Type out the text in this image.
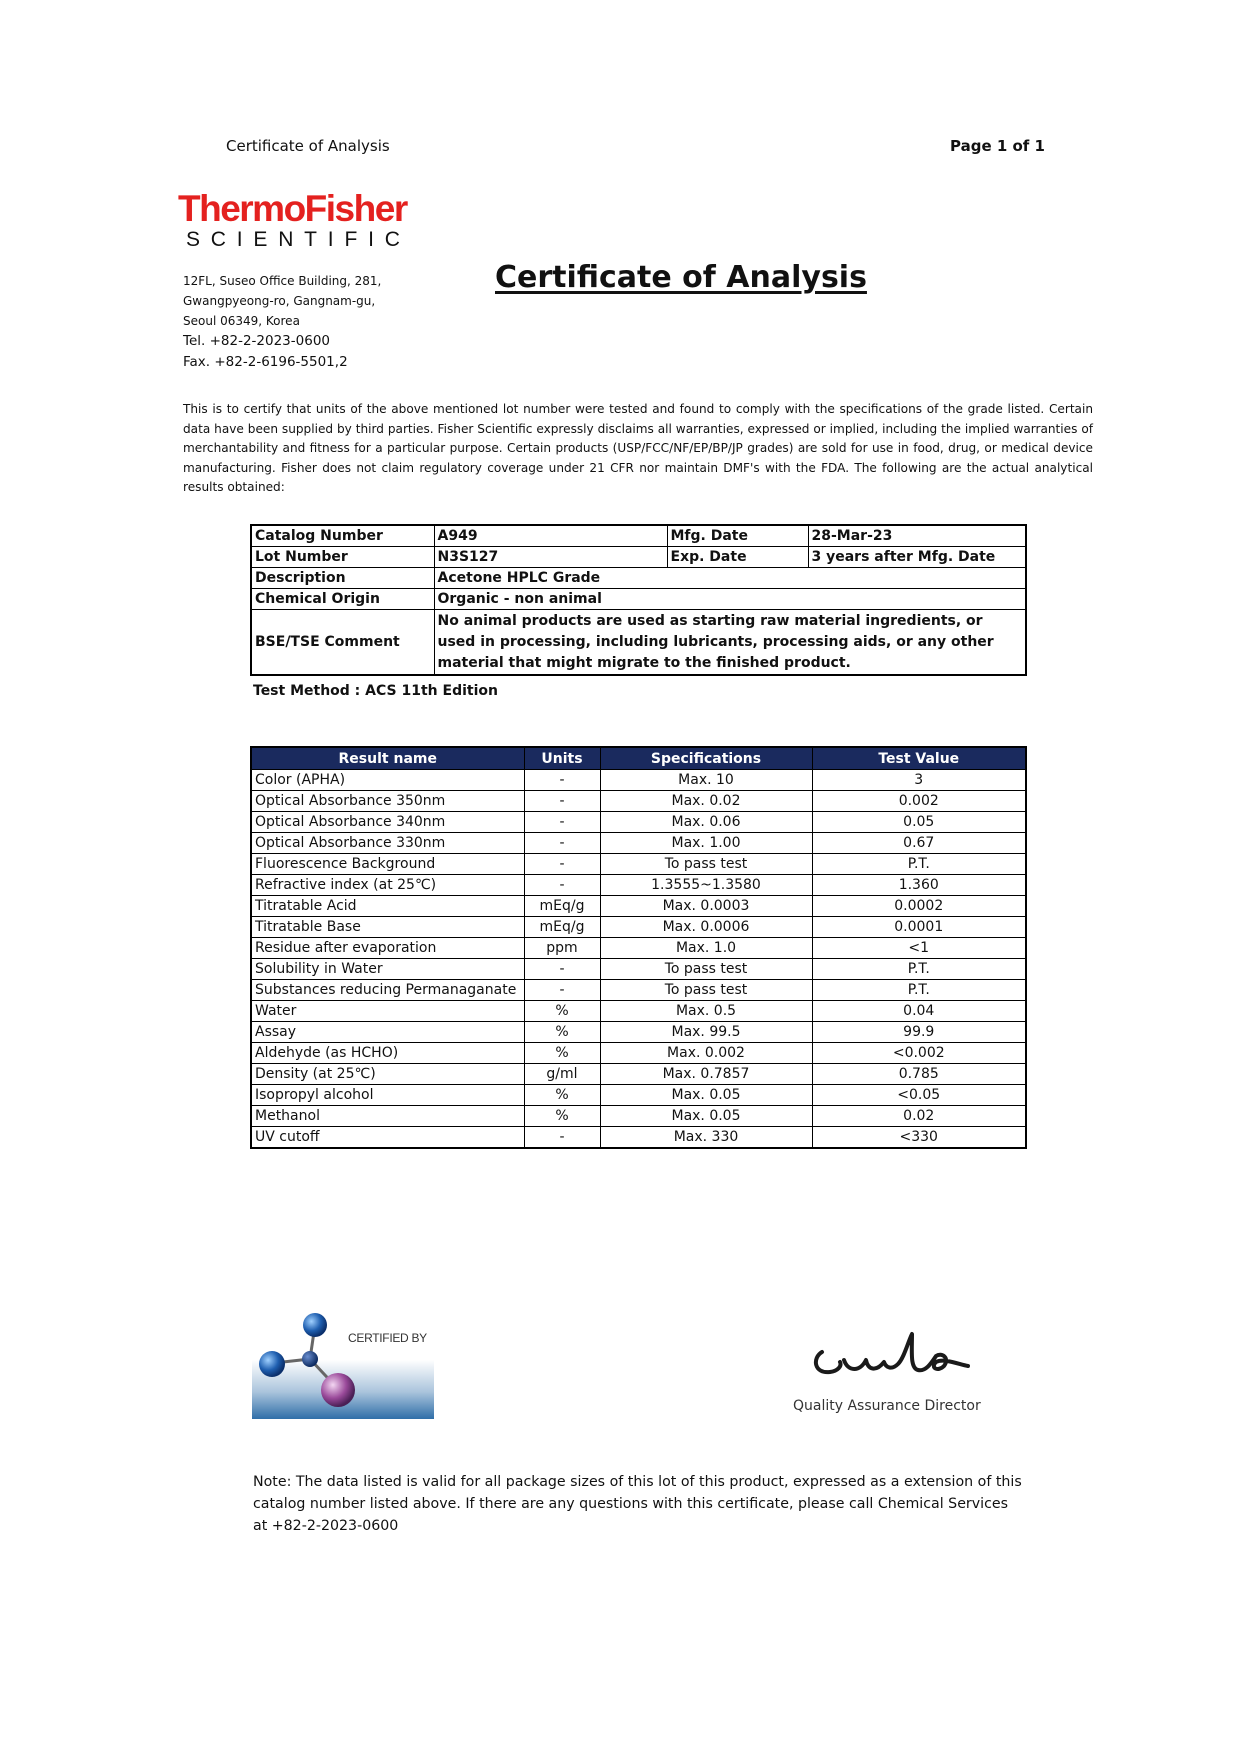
Certificate of Analysis	Page 1 of 1
ThermoFisher
SCIENTIFIC
12FL, Suseo Office Building, 281,
Gwangpyeong-ro, Gangnam-gu,
Seoul 06349, Korea
Tel. +82-2-2023-0600
Fax. +82-2-6196-5501,2
Certificate of Analysis
This is to certify that units of the above mentioned lot number were tested and found to comply with the specifications of the grade listed. Certain data have been supplied by third parties. Fisher Scientific expressly disclaims all warranties, expressed or implied, including the implied warranties of merchantability and fitness for a particular purpose. Certain products (USP/FCC/NF/EP/BP/JP grades) are sold for use in food, drug, or medical device manufacturing. Fisher does not claim regulatory coverage under 21 CFR nor maintain DMF's with the FDA. The following are the actual analytical results obtained:
Catalog Number	A949	Mfg. Date	28-Mar-23
Lot Number	N3S127	Exp. Date	3 years after Mfg. Date
Description	Acetone HPLC Grade		
Chemical Origin	Organic - non animal		
BSE/TSE Comment	No animal products are used as starting raw material ingredients, or used in processing, including lubricants, processing aids, or any other material that might migrate to the finished product.		
Test Method : ACS 11th Edition
Result name	Units	Specifications	Test Value
Color (APHA)	-	Max. 10	3
Optical Absorbance 350nm	-	Max. 0.02	0.002
Optical Absorbance 340nm	-	Max. 0.06	0.05
Optical Absorbance 330nm	-	Max. 1.00	0.67
Fluorescence Background	-	To pass test	P.T.
Refractive index (at 25℃)	-	1.3555~1.3580	1.360
Titratable Acid	mEq/g	Max. 0.0003	0.0002
Titratable Base	mEq/g	Max. 0.0006	0.0001
Residue after evaporation	ppm	Max. 1.0	<1
Solubility in Water	-	To pass test	P.T.
Substances reducing Permanaganate	-	To pass test	P.T.
Water	%	Max. 0.5	0.04
Assay	%	Max. 99.5	99.9
Aldehyde (as HCHO)	%	Max. 0.002	<0.002
Density (at 25℃)	g/ml	Max. 0.7857	0.785
Isopropyl alcohol	%	Max. 0.05	<0.05
Methanol	%	Max. 0.05	0.02
UV cutoff	-	Max. 330	<330
CERTIFIED BY
Quality Assurance Director
Note: The data listed is valid for all package sizes of this lot of this product, expressed as a extension of this catalog number listed above. If there are any questions with this certificate, please call Chemical Services at +82-2-2023-0600
